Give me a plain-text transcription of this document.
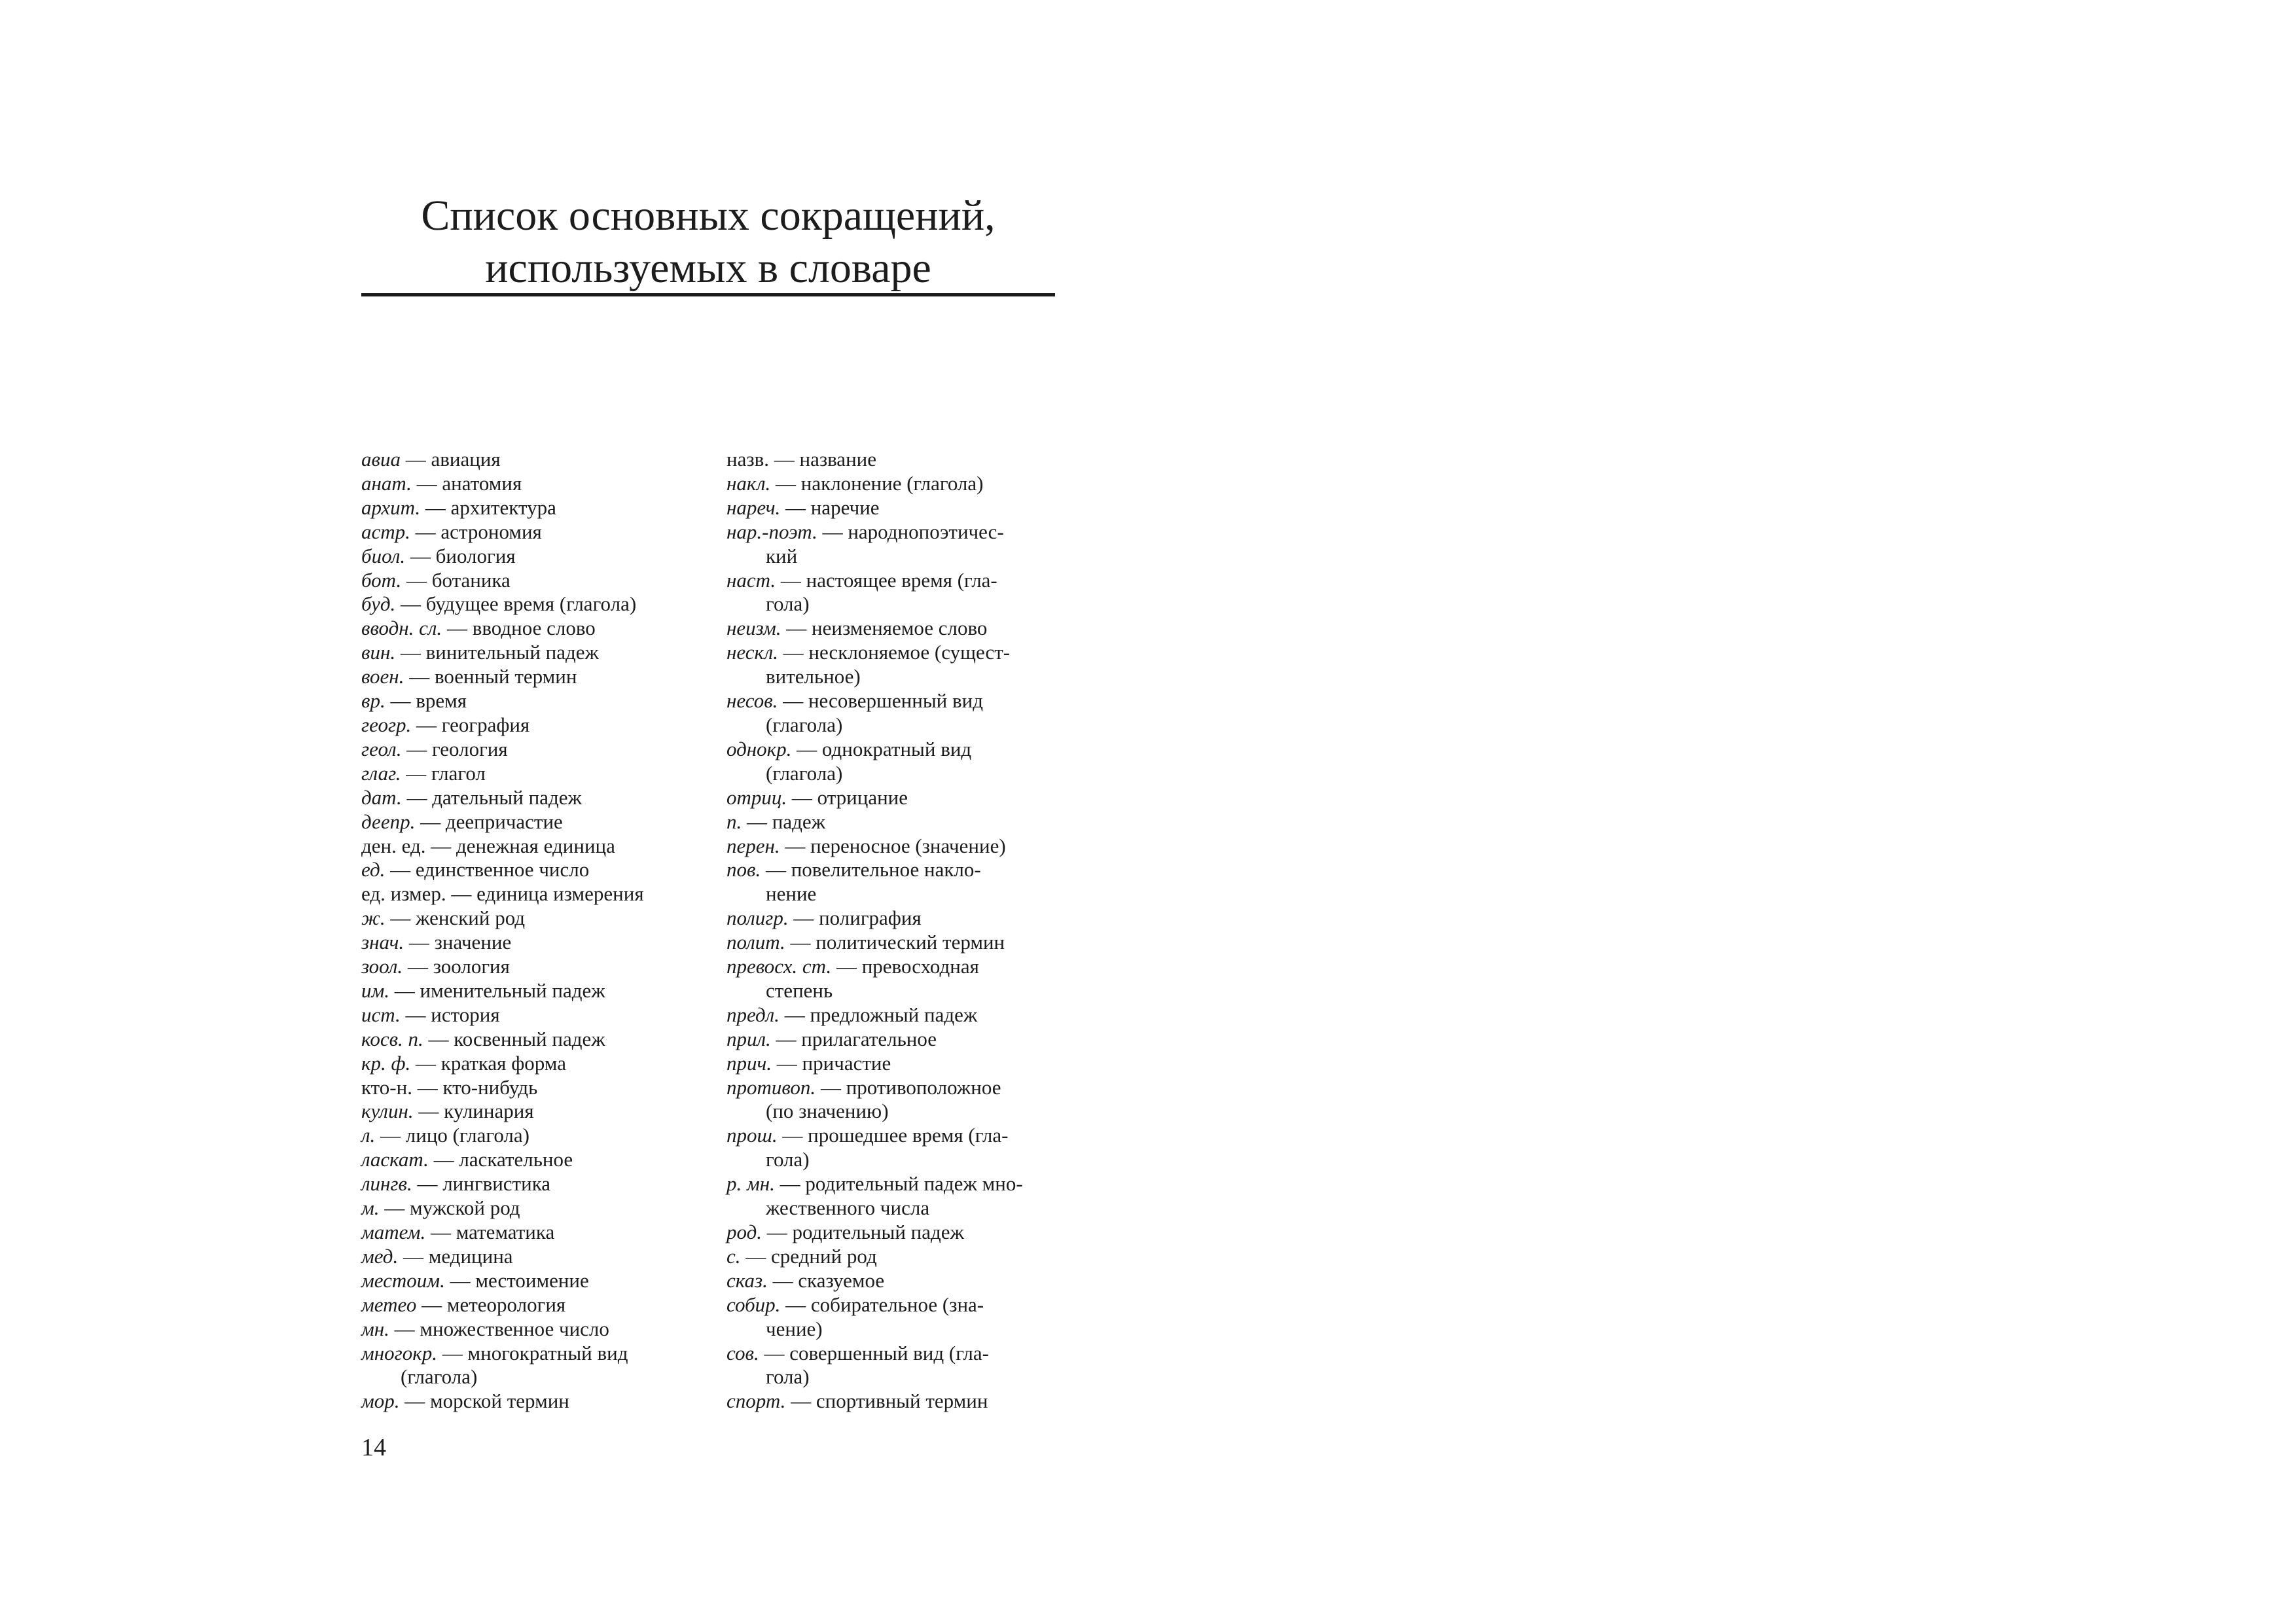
Список основных сокращений,
используемых в словаре
авиа — авиация
анат. — анатомия
архит. — архитектура
астр. — астрономия
биол. — биология
бот. — ботаника
буд. — будущее время (глагола)
вводн. сл. — вводное слово
вин. — винительный падеж
воен. — военный термин
вр. — время
геогр. — география
геол. — геология
глаг. — глагол
дат. — дательный падеж
деепр. — деепричастие
ден. ед. — денежная единица
ед. — единственное число
ед. измер. — единица измерения
ж. — женский род
знач. — значение
зоол. — зоология
им. — именительный падеж
ист. — история
косв. п. — косвенный падеж
кр. ф. — краткая форма
кто-н. — кто-нибудь
кулин. — кулинария
л. — лицо (глагола)
ласкат. — ласкательное
лингв. — лингвистика
м. — мужской род
матем. — математика
мед. — медицина
местоим. — местоимение
метео — метеорология
мн. — множественное число
многокр. — многократный вид
(глагола)
мор. — морской термин
назв. — название
накл. — наклонение (глагола)
нареч. — наречие
нар.-поэт. — народнопоэтичес-
кий
наст. — настоящее время (гла-
гола)
неизм. — неизменяемое слово
нескл. — несклоняемое (сущест-
вительное)
несов. — несовершенный вид
(глагола)
однокр. — однократный вид
(глагола)
отриц. — отрицание
п. — падеж
перен. — переносное (значение)
пов. — повелительное накло-
нение
полигр. — полиграфия
полит. — политический термин
превосх. ст. — превосходная
степень
предл. — предложный падеж
прил. — прилагательное
прич. — причастие
противоп. — противоположное
(по значению)
прош. — прошедшее время (гла-
гола)
р. мн. — родительный падеж мно-
жественного числа
род. — родительный падеж
с. — средний род
сказ. — сказуемое
собир. — собирательное (зна-
чение)
сов. — совершенный вид (гла-
гола)
спорт. — спортивный термин
14
